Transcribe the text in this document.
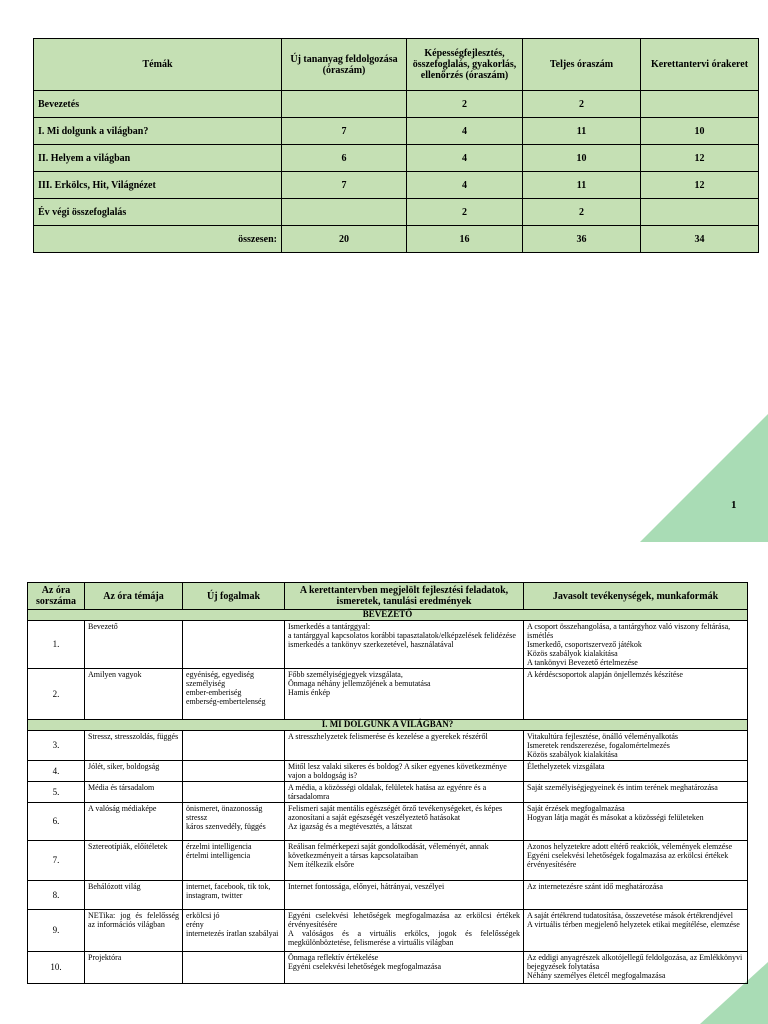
1
Témák	Új tananyag feldolgozása (óraszám)	Képességfejlesztés, összefoglalás, gyakorlás, ellenőrzés (óraszám)	Teljes óraszám	Kerettantervi órakeret
Bevezetés		2	2	
I. Mi dolgunk a világban?	7	4	11	10
II. Helyem a világban	6	4	10	12
III. Erkölcs, Hit, Világnézet	7	4	11	12
Év végi összefoglalás		2	2	
összesen:	20	16	36	34
Az óra sorszáma	Az óra témája	Új fogalmak	A kerettantervben megjelölt fejlesztési feladatok, ismeretek, tanulási eredmények	Javasolt tevékenységek, munkaformák
BEVEZETŐ				
1.	Bevezető		Ismerkedés a tantárggyal:
a tantárggyal kapcsolatos korábbi tapasztalatok/elképzelések felidézése
ismerkedés a tankönyv szerkezetével, használatával	A csoport összehangolása, a tantárgyhoz való viszony feltárása, ismétlés
Ismerkedő, csoportszervező játékok
Közös szabályok kialakítása
A tankönyvi Bevezető értelmezése

2.	Amilyen vagyok	egyéniség, egyediség
személyiség
ember-emberiség
emberség-embertelenség	Főbb személyiségjegyek vizsgálata,
Önmaga néhány jellemzőjének a bemutatása
Hamis énkép	A kérdéscsoportok alapján önjellemzés készítése

I. MI DOLGUNK A VILÁGBAN?				
3.	Stressz, stresszoldás, függés		A stresszhelyzetek felismerése és kezelése a gyerekek részéről	Vitakultúra fejlesztése, önálló véleményalkotás
Ismeretek rendszerezése, fogalomértelmezés
Közös szabályok kialakítása

4.	Jólét, siker, boldogság		Mitől lesz valaki sikeres és boldog? A siker egyenes következménye vajon a boldogság is?	Élethelyzetek vizsgálata

5.	Média és társadalom		A média, a közösségi oldalak, felületek hatása az egyénre és a társadalomra	Saját személyiségjegyeinek és intim terének meghatározása

6.	A valóság médiaképe	önismeret, önazonosság
stressz
káros szenvedély, függés	Felismeri saját mentális egészségét őrző tevékenységeket, és képes azonosítani a saját egészségét veszélyeztető hatásokat
Az igazság és a megtévesztés, a látszat	Saját érzések megfogalmazása
Hogyan látja magát és másokat a közösségi felületeken

7.	Sztereotípiák, előítéletek	érzelmi intelligencia
értelmi intelligencia	Reálisan felmérkepezi saját gondolkodását, véleményét, annak következményeit a társas kapcsolataiban
Nem ítélkezik elsőre	Azonos helyzetekre adott eltérő reakciók, vélemények elemzése
Egyéni cselekvési lehetőségek fogalmazása az erkölcsi értékek érvényesítésére

8.	Behálózott világ	internet, facebook, tik tok, instagram, twitter	Internet fontossága, előnyei, hátrányai, veszélyei	Az internetezésre szánt idő meghatározása

9.	NETika: jog és felelősség az információs világban	erkölcsi jó
erény
internetezés íratlan szabályai	Egyéni cselekvési lehetőségek megfogalmazása az erkölcsi értékek érvényesítésére
A valóságos és a virtuális erkölcs, jogok és felelősségek megkülönböztetése, felismerése a virtuális világban	A saját értékrend tudatosítása, összevetése mások értékrendjével
A virtuális térben megjelenő helyzetek etikai megítélése, elemzése

10.	Projektóra		Önmaga reflektív értékelése
Egyéni cselekvési lehetőségek megfogalmazása	Az eddigi anyagrészek alkotójellegű feldolgozása, az Emlékkönyvi bejegyzések folytatása
Néhány személyes életcél megfogalmazása
